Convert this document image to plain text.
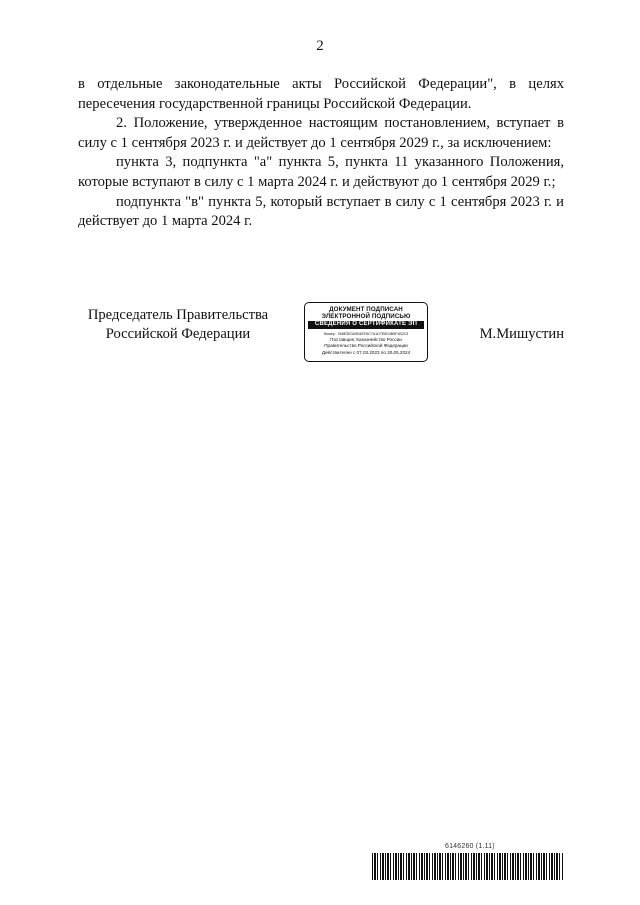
2

в отдельные законодательные акты Российской Федерации", в целях пересечения государственной границы Российской Федерации.

2. Положение, утвержденное настоящим постановлением, вступает в силу с 1 сентября 2023 г. и действует до 1 сентября 2029 г., за исключением:

пункта 3, подпункта "а" пункта 5, пункта 11 указанного Положения, которые вступают в силу с 1 марта 2024 г. и действуют до 1 сентября 2029 г.;

подпункта "в" пункта 5, который вступает в силу с 1 сентября 2023 г. и действует до 1 марта 2024 г.

Председатель Правительства
Российской Федерации
ДОКУМЕНТ ПОДПИСАН
ЭЛЕКТРОННОЙ ПОДПИСЬЮ
СВЕДЕНИЯ О СЕРТИФИКАТЕ ЭП
Номер: 008E3E0A9D4EF6C7A1D7E6D3B9F1B2C3
Поставщик: Казначейство России
Правительство Российской Федерации
Действителен с 07.03.2023 по 30.05.2024
М.Мишустин
6146260 (1.11)
